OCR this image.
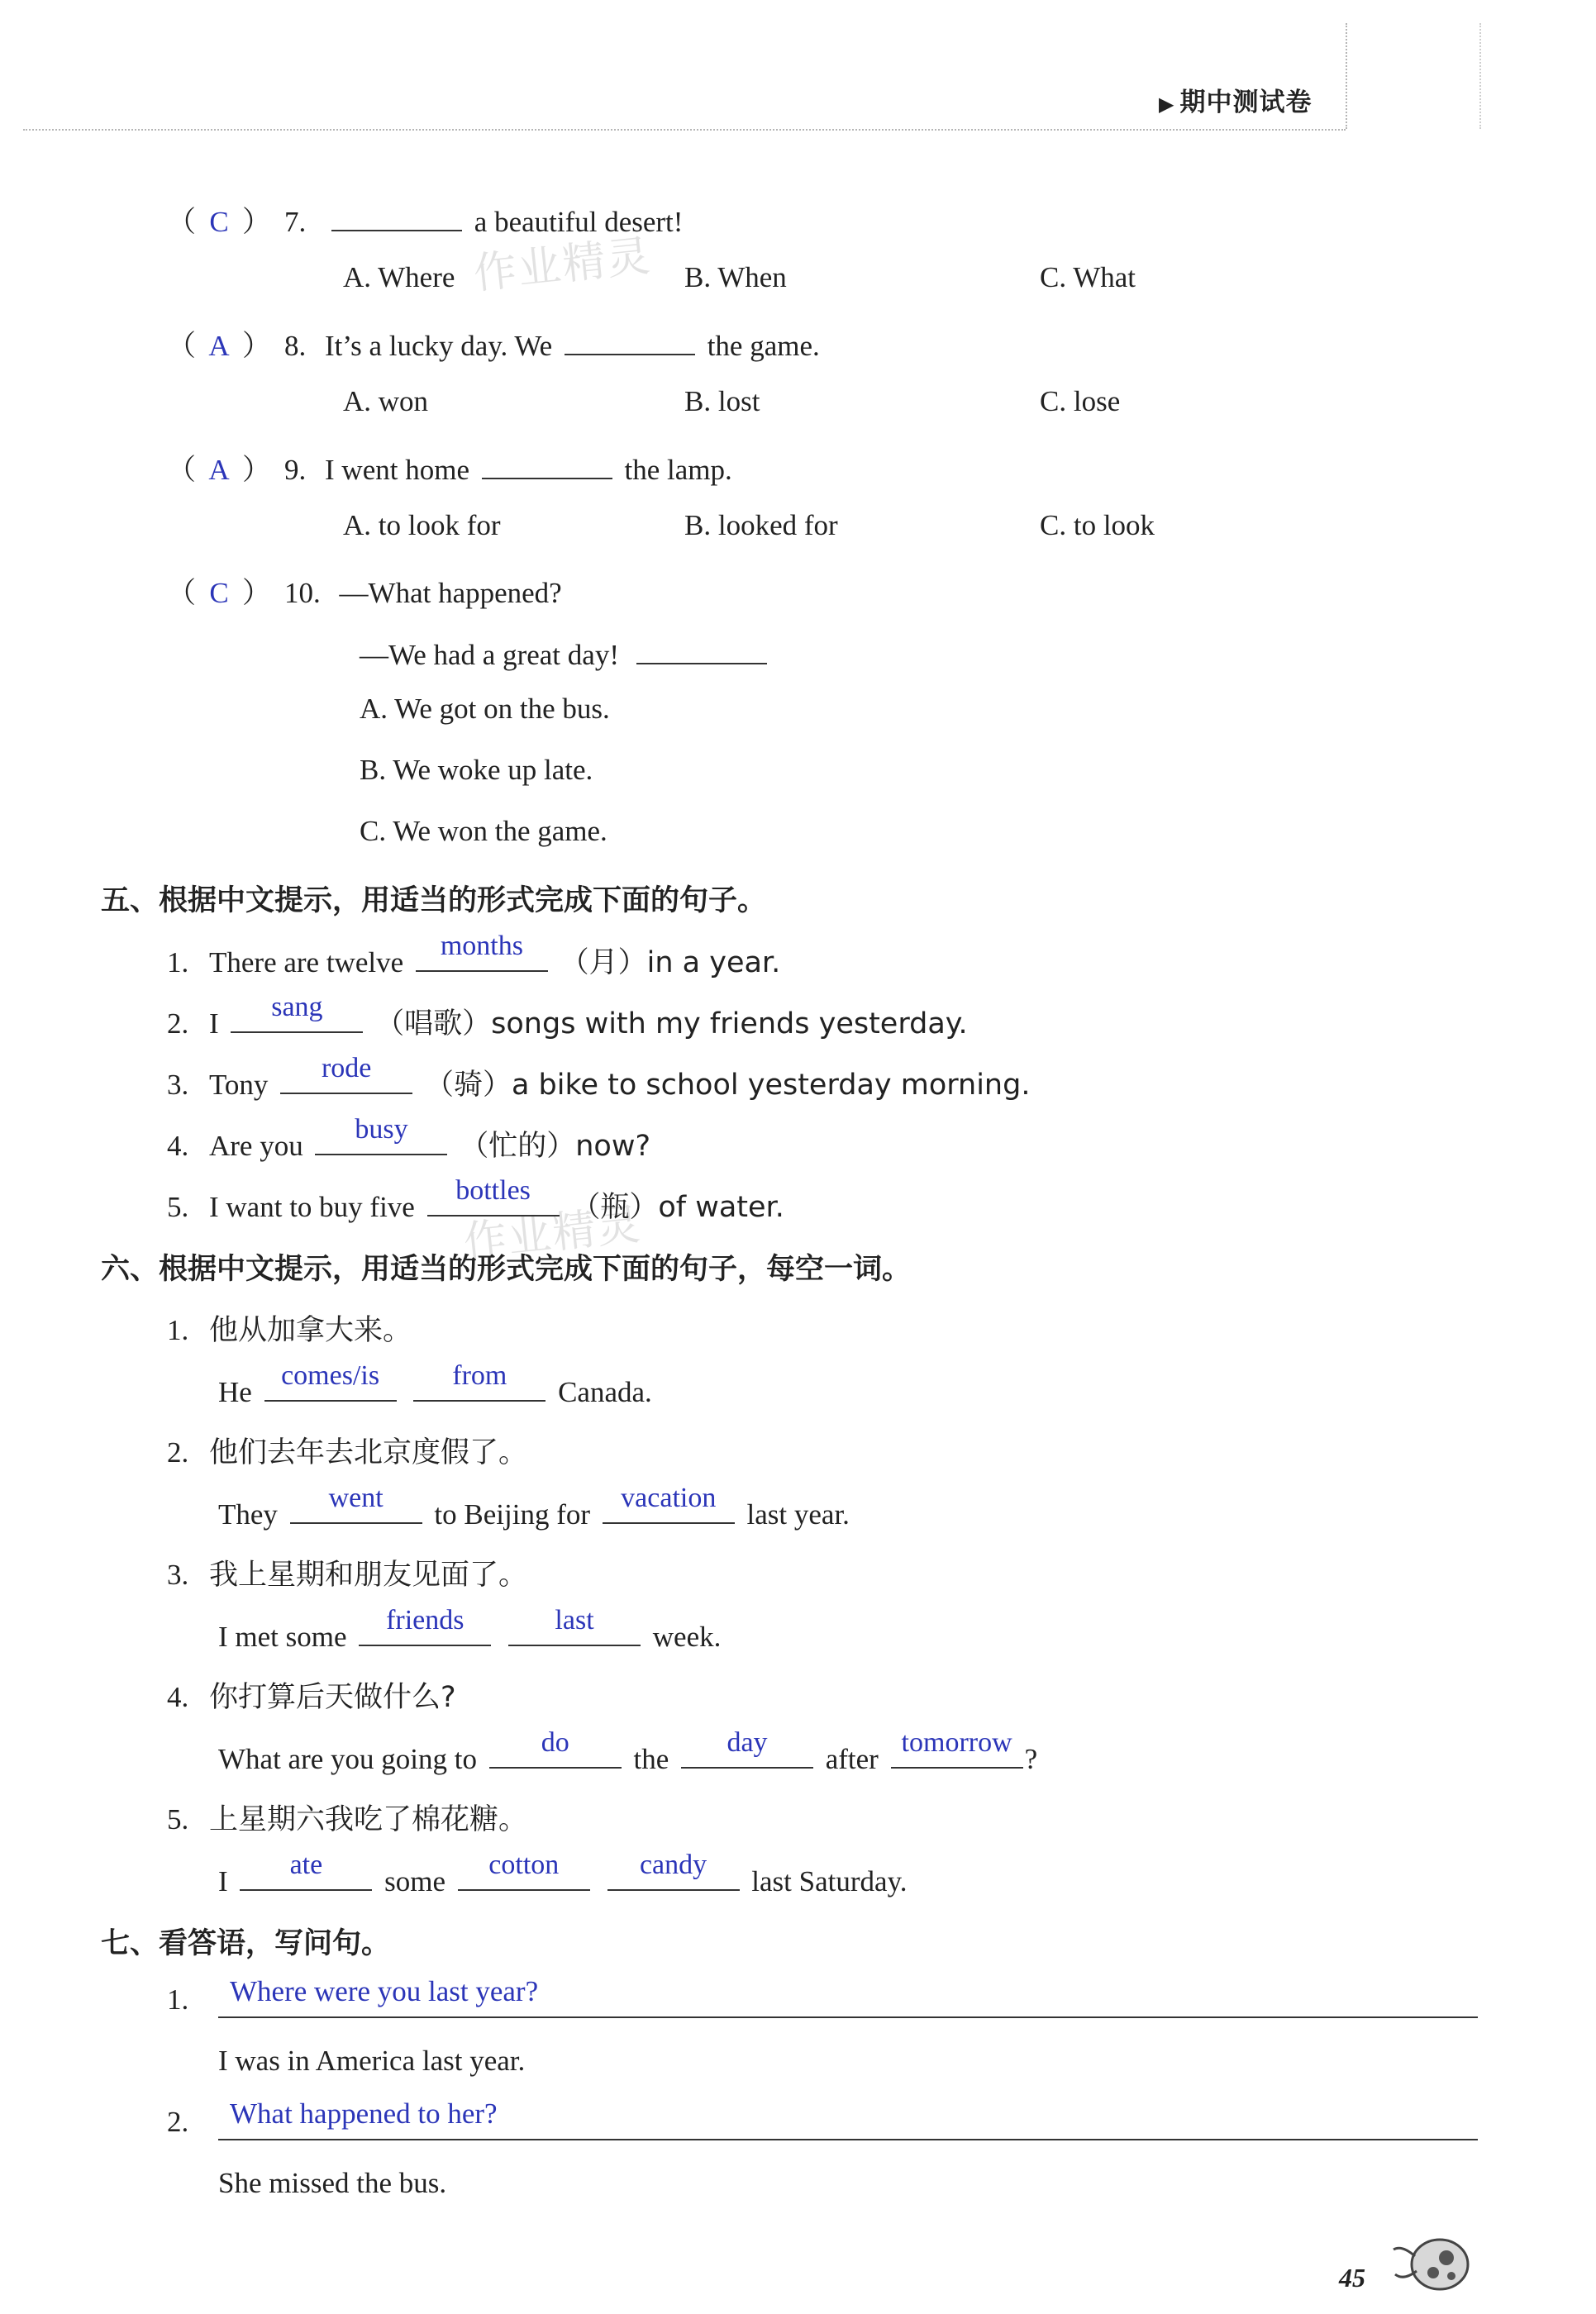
▶ 期中测试卷
作业精灵
作业精灵
（ C ） 7.	a beautiful desert!
A. Where	B. When	C. What
（ A ） 8. It’s a lucky day. We	the game.
A. won	B. lost	C. lose
（ A ） 9. I went home	the lamp.
A. to look for	B. looked for	C. to look
（ C ） 10. —What happened?
—We had a great day!
A. We got on the bus.
B. We woke up late.
C. We won the game.
五、根据中文提示，用适当的形式完成下面的句子。
1. There are twelve
months
（月）in a year.
2. I
sang
（唱歌）songs with my friends yesterday.
3. Tony
rode
（骑）a bike to school yesterday morning.
4. Are you
busy
（忙的）now?
5. I want to buy five
bottles
（瓶）of water.
六、根据中文提示，用适当的形式完成下面的句子，每空一词。
1. 他从加拿大来。
He
comes/is
	from
Canada.
2. 他们去年去北京度假了。
They
went
to Beijing for
vacation
last year.
3. 我上星期和朋友见面了。
I met some
friends
	last
week.
4. 你打算后天做什么?
What are you going to
do
the
day
after
tomorrow
?
5. 上星期六我吃了棉花糖。
I
ate
some
cotton
	candy
last Saturday.
七、看答语，写问句。
1. Where were you last year?
I was in America last year.
2. What happened to her?
She missed the bus.
45
